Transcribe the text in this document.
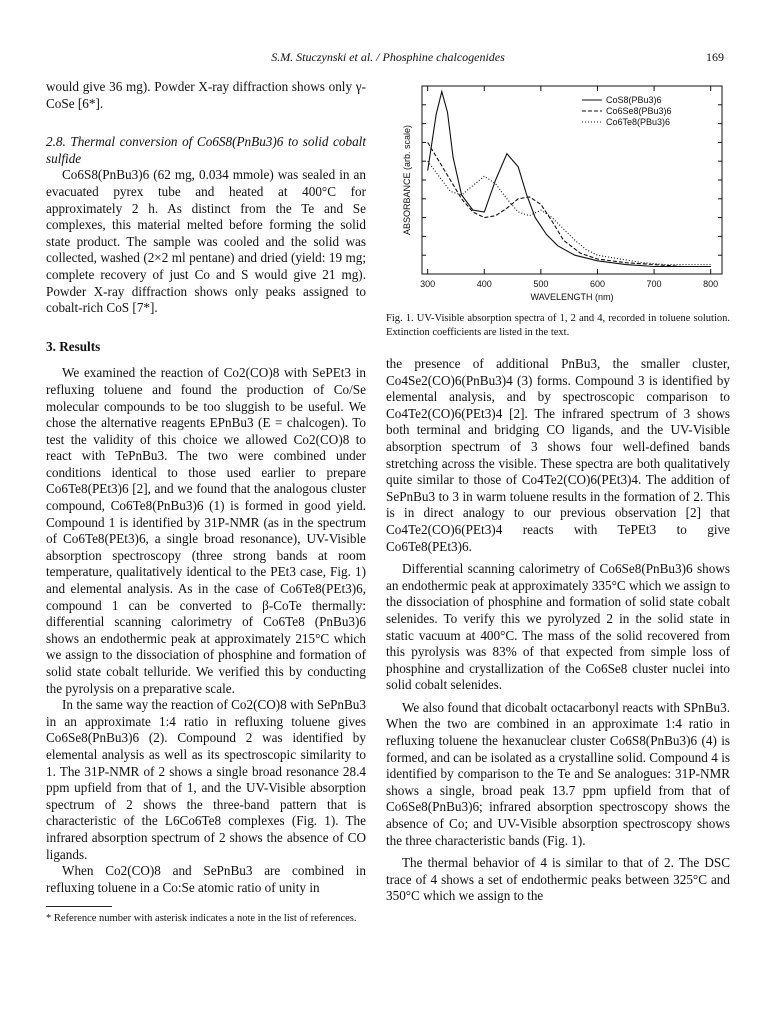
S.M. Stuczynski et al. / Phosphine chalcogenides	169

would give 36 mg). Powder X-ray diffraction shows only γ-CoSe [6*].

2.8. Thermal conversion of Co6S8(PnBu3)6 to solid cobalt sulfide

Co6S8(PnBu3)6 (62 mg, 0.034 mmole) was sealed in an evacuated pyrex tube and heated at 400°C for approximately 2 h. As distinct from the Te and Se complexes, this material melted before forming the solid state product. The sample was cooled and the solid was collected, washed (2×2 ml pentane) and dried (yield: 19 mg; complete recovery of just Co and S would give 21 mg). Powder X-ray diffraction shows only peaks assigned to cobalt-rich CoS [7*].

3. Results

We examined the reaction of Co2(CO)8 with SePEt3 in refluxing toluene and found the production of Co/Se molecular compounds to be too sluggish to be useful. We chose the alternative reagents EPnBu3 (E = chalcogen). To test the validity of this choice we allowed Co2(CO)8 to react with TePnBu3. The two were combined under conditions identical to those used earlier to prepare Co6Te8(PEt3)6 [2], and we found that the analogous cluster compound, Co6Te8(PnBu3)6 (1) is formed in good yield. Compound 1 is identified by 31P-NMR (as in the spectrum of Co6Te8(PEt3)6, a single broad resonance), UV-Visible absorption spectroscopy (three strong bands at room temperature, qualitatively identical to the PEt3 case, Fig. 1) and elemental analysis. As in the case of Co6Te8(PEt3)6, compound 1 can be converted to β-CoTe thermally: differential scanning calorimetry of Co6Te8 (PnBu3)6 shows an endothermic peak at approximately 215°C which we assign to the dissociation of phosphine and formation of solid state cobalt telluride. We verified this by conducting the pyrolysis on a preparative scale.

In the same way the reaction of Co2(CO)8 with SePnBu3 in an approximate 1:4 ratio in refluxing toluene gives Co6Se8(PnBu3)6 (2). Compound 2 was identified by elemental analysis as well as its spectroscopic similarity to 1. The 31P-NMR of 2 shows a single broad resonance 28.4 ppm upfield from that of 1, and the UV-Visible absorption spectrum of 2 shows the three-band pattern that is characteristic of the L6Co6Te8 complexes (Fig. 1). The infrared absorption spectrum of 2 shows the absence of CO ligands.

When Co2(CO)8 and SePnBu3 are combined in refluxing toluene in a Co:Se atomic ratio of unity in

* Reference number with asterisk indicates a note in the list of references.
300	400	500	600	700	800
WAVELENGTH (nm)
ABSORBANCE (arb. scale)
CoS8(PBu3)6
Co6Se8(PBu3)6
Co6Te8(PBu3)6
Fig. 1. UV-Visible absorption spectra of 1, 2 and 4, recorded in toluene solution. Extinction coefficients are listed in the text.

the presence of additional PnBu3, the smaller cluster, Co4Se2(CO)6(PnBu3)4 (3) forms. Compound 3 is identified by elemental analysis, and by spectroscopic comparison to Co4Te2(CO)6(PEt3)4 [2]. The infrared spectrum of 3 shows both terminal and bridging CO ligands, and the UV-Visible absorption spectrum of 3 shows four well-defined bands stretching across the visible. These spectra are both qualitatively quite similar to those of Co4Te2(CO)6(PEt3)4. The addition of SePnBu3 to 3 in warm toluene results in the formation of 2. This is in direct analogy to our previous observation [2] that Co4Te2(CO)6(PEt3)4 reacts with TePEt3 to give Co6Te8(PEt3)6.

Differential scanning calorimetry of Co6Se8(PnBu3)6 shows an endothermic peak at approximately 335°C which we assign to the dissociation of phosphine and formation of solid state cobalt selenides. To verify this we pyrolyzed 2 in the solid state in static vacuum at 400°C. The mass of the solid recovered from this pyrolysis was 83% of that expected from simple loss of phosphine and crystallization of the Co6Se8 cluster nuclei into solid cobalt selenides.

We also found that dicobalt octacarbonyl reacts with SPnBu3. When the two are combined in an approximate 1:4 ratio in refluxing toluene the hexanuclear cluster Co6S8(PnBu3)6 (4) is formed, and can be isolated as a crystalline solid. Compound 4 is identified by comparison to the Te and Se analogues: 31P-NMR shows a single, broad peak 13.7 ppm upfield from that of Co6Se8(PnBu3)6; infrared absorption spectroscopy shows the absence of Co; and UV-Visible absorption spectroscopy shows the three characteristic bands (Fig. 1).

The thermal behavior of 4 is similar to that of 2. The DSC trace of 4 shows a set of endothermic peaks between 325°C and 350°C which we assign to the
